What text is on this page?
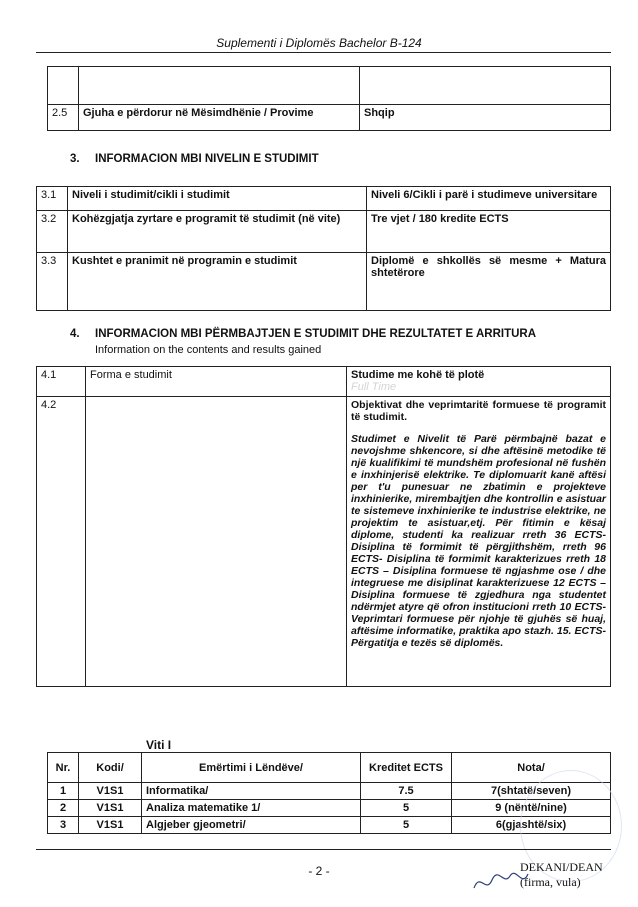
Suplementi i Diplomës Bachelor B-124

2.5	Gjuha e përdorur në Mësimdhënie / Provime	Shqip
3. INFORMACION MBI NIVELIN E STUDIMIT
3.1	Niveli i studimit/cikli i studimit	Niveli 6/Cikli i parë i studimeve universitare
3.2	Kohëzgjatja zyrtare e programit të studimit (në vite)	Tre vjet / 180 kredite ECTS
3.3	Kushtet e pranimit në programin e studimit	Diplomë e shkollës së mesme + Matura shtetërore
4. INFORMACION MBI PËRMBAJTJEN E STUDIMIT DHE REZULTATET E ARRITURA
Information on the contents and results gained
4.1	Forma e studimit	Studime me kohë të plotë
Full Time

4.2		Objektivat dhe veprimtaritë formuese të programit të studimit.
Studimet e Nivelit të Parë përmbajnë bazat e nevojshme shkencore, si dhe aftësinë metodike të një kualifikimi të mundshëm profesional në fushën e inxhinjerisë elektrike. Te diplomuarit kanë aftësi per t'u punesuar ne zbatimin e projekteve inxhinierike, mirembajtjen dhe kontrollin e asistuar te sistemeve inxhinierike te industrise elektrike, ne projektim te asistuar,etj. Për fitimin e kësaj diplome, studenti ka realizuar rreth 36 ECTS-Disiplina të formimit të përgjithshëm, rreth 96 ECTS- Disiplina të formimit karakterizues rreth 18 ECTS – Disiplina formuese të ngjashme ose / dhe integruese me disiplinat karakterizuese 12 ECTS – Disiplina formuese të zgjedhura nga studentet ndërmjet atyre që ofron institucioni rreth 10 ECTS- Veprimtari formuese për njohje të gjuhës së huaj, aftësime informatike, praktika apo stazh. 15. ECTS- Përgatitja e tezës së diplomës.
Viti I
Nr.	Kodi/	Emërtimi i Lëndëve/	Kreditet ECTS	Nota/
1	V1S1	Informatika/	7.5	7(shtatë/seven)
2	V1S1	Analiza matematike 1/	5	9 (nëntë/nine)
3	V1S1	Algjeber gjeometri/	5	6(gjashtë/six)
- 2 -	DEKANI/DEAN
(firma, vula)
